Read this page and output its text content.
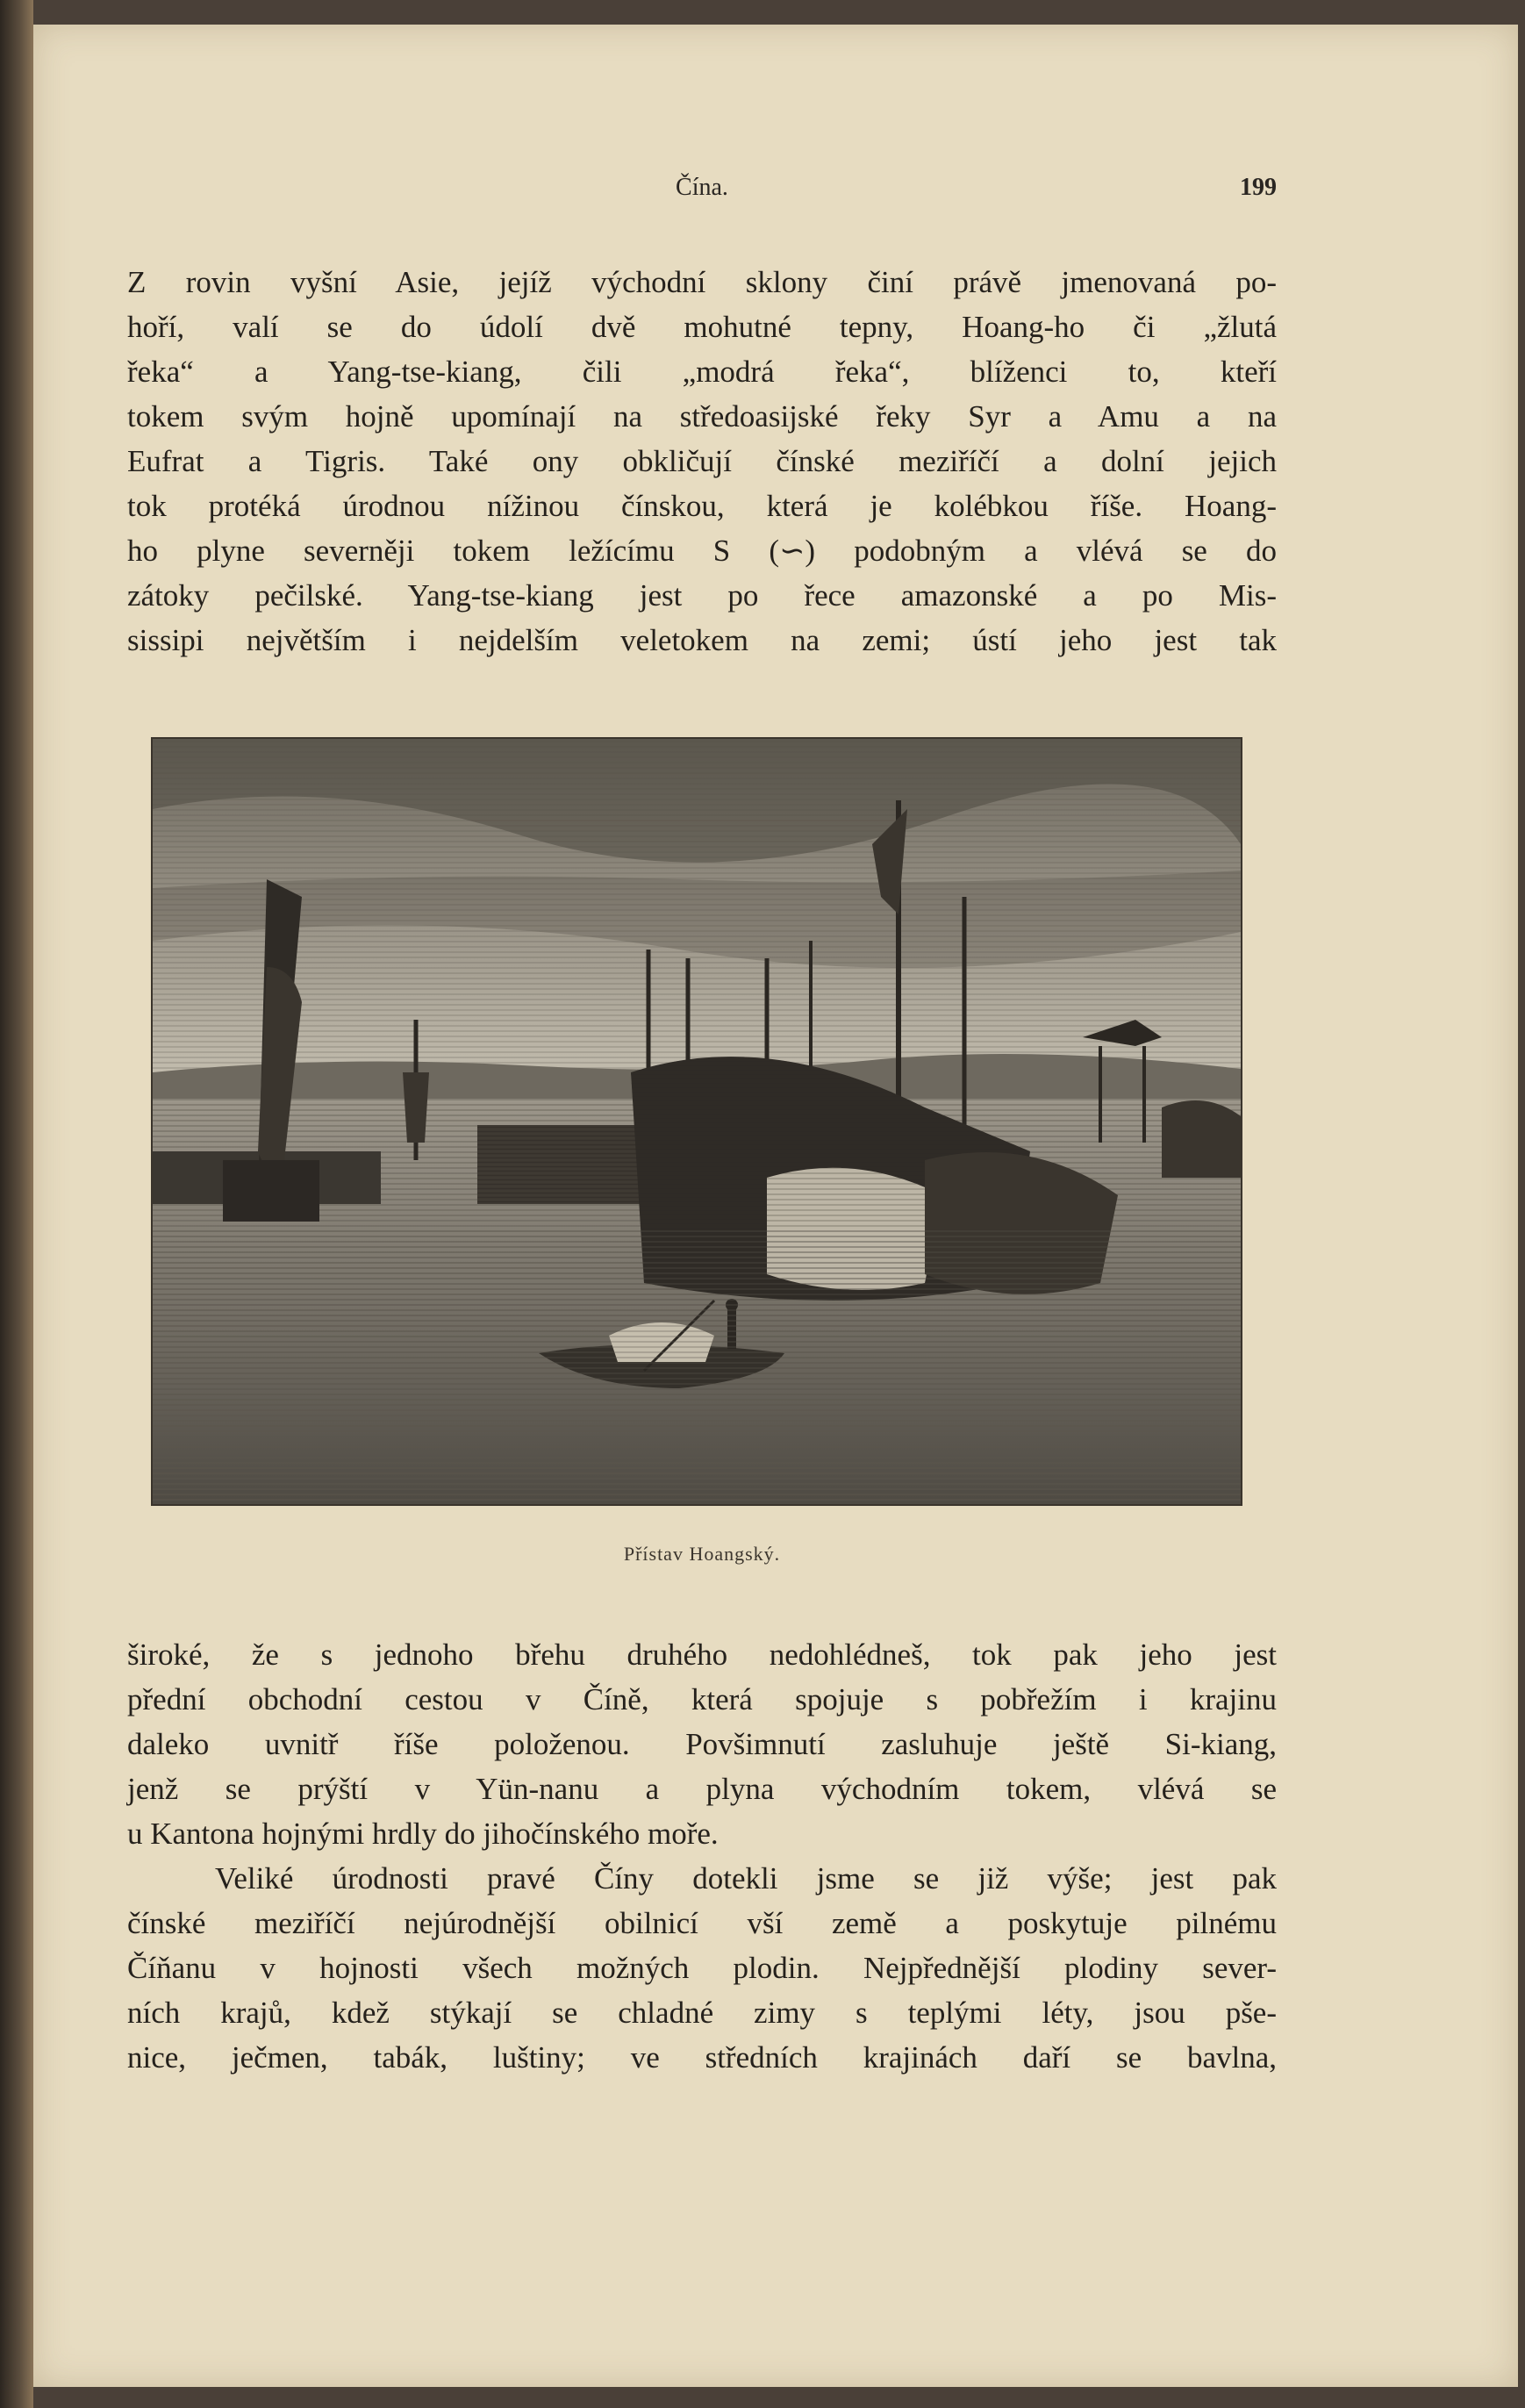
Čína.	199
Z rovin vyšní Asie, jejíž východní sklony činí právě jmenovaná po-
hoří, valí se do údolí dvě mohutné tepny, Hoang-ho či „žlutá
řeka“ a Yang-tse-kiang, čili „modrá řeka“, blíženci to, kteří
tokem svým hojně upomínají na středoasijské řeky Syr a Amu a na
Eufrat a Tigris. Také ony obkličují čínské meziříčí a dolní jejich
tok protéká úrodnou nížinou čínskou, která je kolébkou říše. Hoang-
ho plyne severněji tokem ležícímu S (∽) podobným a vlévá se do
zátoky pečilské. Yang-tse-kiang jest po řece amazonské a po Mis-
sissipi největším i nejdelším veletokem na zemi; ústí jeho jest tak
Přístav Hoangský.
široké, že s jednoho břehu druhého nedohlédneš, tok pak jeho jest
přední obchodní cestou v Číně, která spojuje s pobřežím i krajinu
daleko uvnitř říše položenou. Povšimnutí zasluhuje ještě Si-kiang,
jenž se prýští v Yün-nanu a plyna východním tokem, vlévá se
u Kantona hojnými hrdly do jihočínského moře.
Veliké úrodnosti pravé Číny dotekli jsme se již výše; jest pak
čínské meziříčí nejúrodnější obilnicí vší země a poskytuje pilnému
Číňanu v hojnosti všech možných plodin. Nejpřednější plodiny sever-
ních krajů, kdež stýkají se chladné zimy s teplými léty, jsou pše-
nice, ječmen, tabák, luštiny; ve středních krajinách daří se bavlna,
